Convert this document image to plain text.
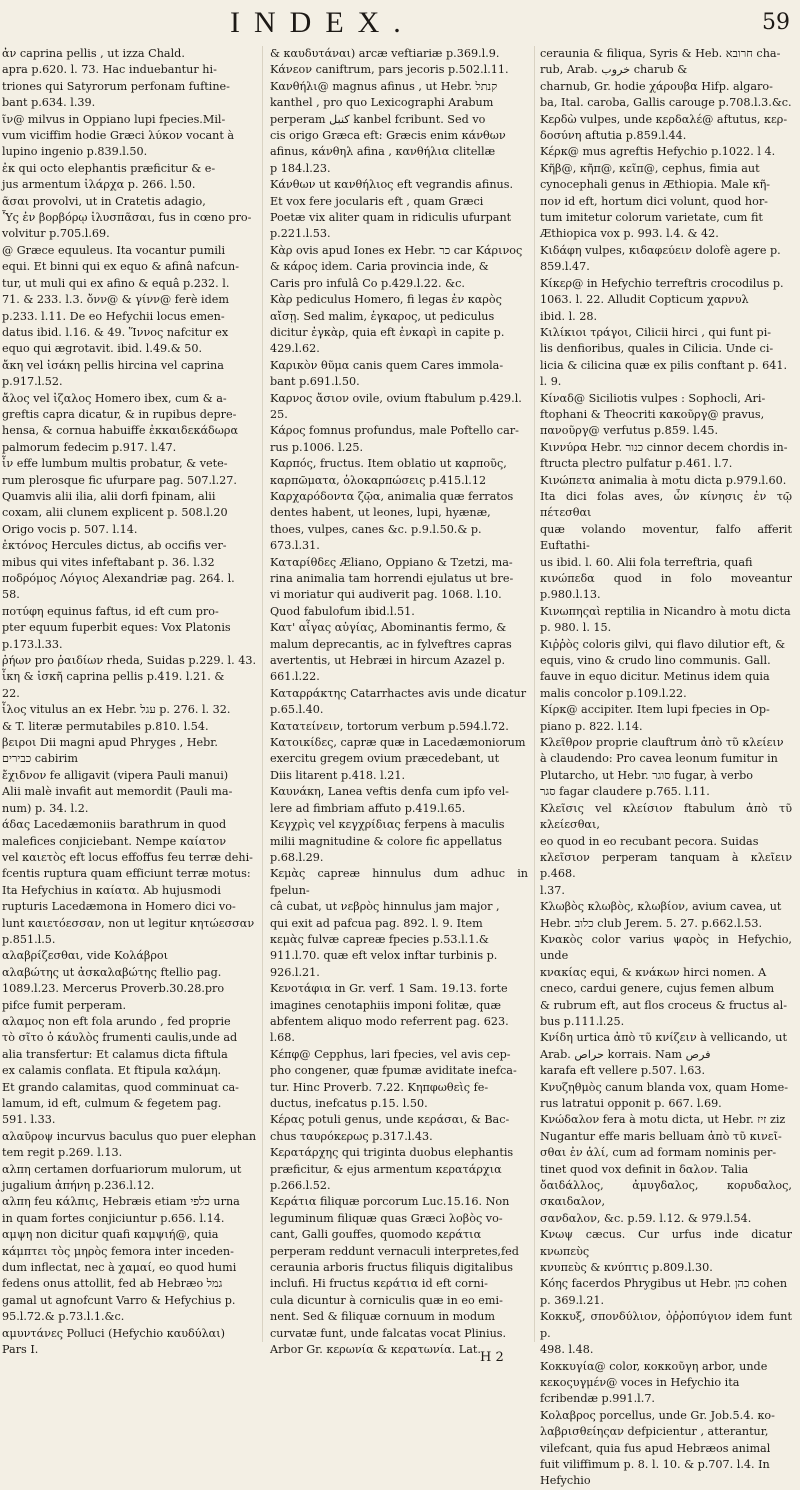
INDEX.	59

ἀν caprina pellis , ut izza Chald.

apra p.620. l. 73. Hac induebantur hi-

triones qui Satyrorum perfonam fuftine-

bant p.634. l.39.

ῖν@ milvus in Oppiano lupi fpecies.Mil-

vum viciffim hodie Græci λύκον vocant à

lupino ingenio p.839.l.50.

ἐκ qui octo elephantis præficitur & e-

jus armentum ἰλάρχα p. 266. l.50.

ᾶσαι provolvi, ut in Cratetis adagio,

Ὗς ἐν βορβόρῳ ἰλυσπᾶσαι, fus in cœno pro-

volvitur p.705.l.69.

@ Græce equuleus. Ita vocantur pumili

equi. Et binni qui ex equo & afinâ nafcun-

tur, ut muli qui ex afino & equâ p.232. l.

71. & 233. l.3. ὄνν@ & γίνν@ ferè idem

p.233. l.11. De eo Hefychii locus emen-

datus ibid. l.16. & 49. Ἵννος nafcitur ex

equo qui ægrotavit. ibid. l.49.& 50.

ἄκη vel ἰσάκη pellis hircina vel caprina

p.917.l.52.

ἄλος vel ἰζαλος Homero ibex, cum & a-

greftis capra dicatur, & in rupibus depre-

hensa, & cornua habuiffe ἐκκαιδεκάδωρα

palmorum fedecim p.917. l.47.

ἶν effe lumbum multis probatur, & vete-

rum plerosque fic ufurpare pag. 507.l.27.

Quamvis alii ilia, alii dorfi fpinam, alii

coxam, alii clunem explicent p. 508.l.20

Origo vocis p. 507. l.14.

ἐκτόνος Hercules dictus, ab occifis ver-

mibus qui vites infeftabant p. 36. l.32

ποδρόμος Λόγιος Alexandriæ pag. 264. l.

58.

ποτύφη equinus faftus, id eft cum pro-

pter equum fuperbit eques: Vox Platonis

p.173.l.33.

ῥήων pro ῥαιδίων rheda, Suidas p.229. l. 43.

ἶκη & ἰσκῆ caprina pellis p.419. l.21. &

22.

ἶλος vitulus an ex Hebr. עגל p. 276. l. 32.

& T. literæ permutabiles p.810. l.54.

βειροι Dii magni apud Phryges , Hebr.

כבירים cabirim

ἔχιδνον fe alligavit (vipera Pauli manui)

Alii malè invafit aut memordit (Pauli ma-

num) p. 34. l.2.

άδας Lacedæmoniis barathrum in quod

malefices conjiciebant. Nempe καίατον

vel καιετὸς eft locus effoffus feu terræ dehi-

fcentis ruptura quam efficiunt terræ motus:

Ita Hefychius in καίατα. Ab hujusmodi

rupturis Lacedæmona in Homero dici vo-

lunt καιετόεσσαν, non ut legitur κητώεσσαν

p.851.l.5.

αλαβρίζεσθαι, vide Κολάβροι

αλαβώτης ut ἀσκαλαβώτης ftellio pag.

1089.l.23. Mercerus Proverb.30.28.pro

pifce fumit perperam.

αλαμος non eft fola arundo , fed proprie

τὸ σῖτο ὁ κάυλὸς frumenti caulis,unde ad

alia transfertur: Et calamus dicta fiftula

ex calamis conflata. Et ftipula καλάμη.

Et grando calamitas, quod comminuat ca-

lamum, id eft, culmum & fegetem pag.

591. l.33.

αλαῦροψ incurvus baculus quo puer elephan

tem regit p.269. l.13.

αλπη certamen dorfuariorum mulorum, ut

jugalium ἀπήνη p.236.l.12.

αλπη feu κάλπις, Hebræis etiam כלפי urna

in quam fortes conjiciuntur p.656. l.14.

αμψη non dicitur quafi καμψιή@, quia

κάμπτει τὸς μηρὸς femora inter inceden-

dum inflectat, nec à χαμαί, eo quod humi

fedens onus attollit, fed ab Hebræo גמל

gamal ut agnofcunt Varro & Hefychius p.

95.l.72.& p.73.l.1.&c.

αμυντάνες Polluci (Hefychio καυδύλαι)

Pars I.

& καυδυτάναι) arcæ veftiariæ p.369.l.9.

Κάνεον caniftrum, pars jecoris p.502.l.11.

Κανθήλι@ magnus afinus , ut Hebr. קנתל

kanthel , pro quo Lexicographi Arabum

perperam كنبل kanbel fcribunt. Sed vo

cis origo Græca eft: Græcis enim κάνθων

afinus, κάνθηλ afina , κανθήλια clitellæ

p 184.l.23.

Κάνθων ut κανθήλιος eft vegrandis afinus.

Et vox fere jocularis eft , quam Græci

Poetæ vix aliter quam in ridiculis ufurpant

p.221.l.53.

Κὰρ ovis apud Iones ex Hebr. כר car Κάρινος

& κάρος idem. Caria provincia inde, &

Caris pro infulâ Co p.429.l.22. &c.

Κὰρ pediculus Homero, fi legas ἐν καρὸς

αἴσῃ. Sed malim, ἐγκαρος, ut pediculus

dicitur ἐγκὰρ, quia eft ἐνκαρὶ in capite p.

429.l.62.

Καρικὸν θῦμα canis quem Cares immola-

bant p.691.l.50.

Καρνος ἄσιον ovile, ovium ftabulum p.429.l.

25.

Κάρος fomnus profundus, male Poftello car-

rus p.1006. l.25.

Καρπός, fructus. Item oblatio ut καρποῦς,

καρπῶματα, ὁλοκαρπώσεις p.415.l.12

Καρχαρόδοντα ζῷα, animalia quæ ferratos

dentes habent, ut leones, lupi, hyænæ,

thoes, vulpes, canes &c. p.9.l.50.& p.

673.l.31.

Καταρίθδες Æliano, Oppiano & Tzetzi, ma-

rina animalia tam horrendi ejulatus ut bre-

vi moriatur qui audiverit pag. 1068. l.10.

Quod fabulofum ibid.l.51.

Κατ' αἶγας αὐγίας, Abominantis fermo, &

malum deprecantis, ac in fylveftres capras

avertentis, ut Hebræi in hircum Azazel p.

661.l.22.

Καταρράκτης Catarrhactes avis unde dicatur

p.65.l.40.

Κατατείνειν, tortorum verbum p.594.l.72.

Κατοικίδες, capræ quæ in Lacedæmoniorum

exercitu gregem ovium præcedebant, ut

Diis litarent p.418. l.21.

Καυνάκη, Lanea veftis denfa cum ipfo vel-

lere ad fimbriam affuto p.419.l.65.

Κεγχρὶς vel κεγχρίδιας ferpens à maculis

milii magnitudine & colore fic appellatus

p.68.l.29.

Κεμὰς capreæ hinnulus dum adhuc in fpelun-

câ cubat, ut νεβρὸς hinnulus jam major ,

qui exit ad pafcua pag. 892. l. 9. Item

κεμὰς fulvæ capreæ fpecies p.53.l.1.&

911.l.70. quæ eft velox inftar turbinis p.

926.l.21.

Κενοτάφια in Gr. verf. 1 Sam. 19.13. forte

imagines cenotaphiis imponi folitæ, quæ

abfentem aliquo modo referrent pag. 623.

l.68.

Κέπφ@ Cepphus, lari fpecies, vel avis cep-

pho congener, quæ fpumæ aviditate inefca-

tur. Hinc Proverb. 7.22. Κηπφωθεὶς fe-

ductus, inefcatus p.15. l.50.

Κέρας potuli genus, unde κεράσαι, & Bac-

chus ταυρόκερως p.317.l.43.

Κερατάρχης qui triginta duobus elephantis

præficitur, & ejus armentum κερατάρχια

p.266.l.52.

Κεράτια filiquæ porcorum Luc.15.16. Non

leguminum filiquæ quas Græci λοβὸς vo-

cant, Galli gouffes, quomodo κεράτια

perperam reddunt vernaculi interpretes,fed

ceraunia arboris fructus filiquis digitalibus

inclufi. Hi fructus κεράτια id eft corni-

cula dicuntur à corniculis quæ in eo emi-

nent. Sed & filiquæ cornuum in modum

curvatæ funt, unde falcatas vocat Plinius.

Arbor Gr. κερωνία & κερατωνία. Lat.

ceraunia & filiqua, Syris & Heb. חרובא cha-

rub, Arab. خروب charub &

charnub, Gr. hodie χάρουβα Hifp. algaro-

ba, Ital. caroba, Gallis carouge p.708.l.3.&c.

Κερδὼ vulpes, unde κερδαλέ@ aftutus, κερ-

δοσύνη aftutia p.859.l.44.

Κέρκ@ mus agreftis Hefychio p.1022. l 4.

Κῆβ@, κῆπ@, κεῖπ@, cephus, fimia aut

cynocephali genus in Æthiopia. Male κῆ-

πον id eft, hortum dici volunt, quod hor-

tum imitetur colorum varietate, cum fit

Æthiopica vox p. 993. l.4. & 42.

Κιδάφη vulpes, κιδαφεύειν dolofè agere p.

859.l.47.

Κίκερ@ in Hefychio terreftris crocodilus p.

1063. l. 22. Alludit Copticum χαρνυλ

ibid. l. 28.

Κιλίκιοι τράγοι, Cilicii hirci , qui funt pi-

lis denfioribus, quales in Cilicia. Unde ci-

licia & cilicina quæ ex pilis conftant p. 641.

l. 9.

Κίναδ@ Siciliotis vulpes : Sophocli, Ari-

ftophani & Theocriti κακοῦργ@ pravus,

πανοῦργ@ verfutus p.859. l.45.

Κιννύρα Hebr. כנור cinnor decem chordis in-

ftructa plectro pulfatur p.461. l.7.

Κινώπετα animalia à motu dicta p.979.l.60.

Ita dici folas aves, ὧν κίνησις ἐν τῷ πέτεσθαι

quæ volando moventur, falfo afferit Euftathi-

us ibid. l. 60. Alii fola terreftria, quafi

κινώπεδα quod in folo moveantur p.980.l.13.

Κινωπηςαὶ reptilia in Nicandro à motu dicta

p. 980. l. 15.

Κιῤῥὸς coloris gilvi, qui flavo dilutior eft, &

equis, vino & crudo lino communis. Gall.

fauve in equo dicitur. Metinus idem quia

malis concolor p.109.l.22.

Κίρκ@ accipiter. Item lupi fpecies in Op-

piano p. 822. l.14.

Κλεῖθρον proprie clauftrum ἀπὸ τῦ κλείειν

à claudendo: Pro cavea leonum fumitur in

Plutarcho, ut Hebr. סוגר fugar, à verbo

סגר fagar claudere p.765. l.11.

Κλεῖσις vel κλείσιον ftabulum ἀπὸ τῦ κλείεσθαι,

eo quod in eo recubant pecora. Suidas

κλεῖσιον perperam tanquam à κλεῖειν p.468.

l.37.

Κλωβὸς κλωβὸς, κλωβίον, avium cavea, ut

Hebr. כלוב club Jerem. 5. 27. p.662.l.53.

Κνακὸς color varius ψαρὸς in Hefychio, unde

κνακίας equi, & κνάκων hirci nomen. A

cneco, cardui genere, cujus femen album

& rubrum eft, aut flos croceus & fructus al-

bus p.111.l.25.

Κνίδη urtica ἀπὸ τῦ κνίζειν à vellicando, ut

Arab. حراص korrais. Nam فرص

karafa eft vellere p.507. l.63.

Κνυζηθμὸς canum blanda vox, quam Home-

rus latratui opponit p. 667. l.69.

Κνώδαλον fera à motu dicta, ut Hebr. זיז ziz

Nugantur effe maris belluam ἀπὸ τῦ κινεῖ-

σθαι ἐν ἁλί, cum ad formam nominis per-

tinet quod vox definit in δαλον. Talia

ὄαιδάλλος, ἀμυγδαλος, κορυδαλος, σκαιδαλον,

σανδαλον, &c. p.59. l.12. & 979.l.54.

Κνωψ cæcus. Cur urfus inde dicatur κνωπεὺς

κνυπεὺς & κνύπτις p.809.l.30.

Κόης facerdos Phrygibus ut Hebr. כהן cohen

p. 369.l.21.

Κοκκυξ, σπονδύλιον, ὀῤῥοπύγιον idem funt p.

498. l.48.

Κοκκυγία@ color, κοκκοῦγη arbor, unde

κεκοςυγμέν@ voces in Hefychio ita

fcribendæ p.991.l.7.

Κολαβρος porcellus, unde Gr. Job.5.4. κο-

λαβρισθείηςαν defpicientur , atterantur,

vilefcant, quia fus apud Hebræos animal

fuit viliffimum p. 8. l. 10. & p.707. l.4. In

Hefychio

H 2
